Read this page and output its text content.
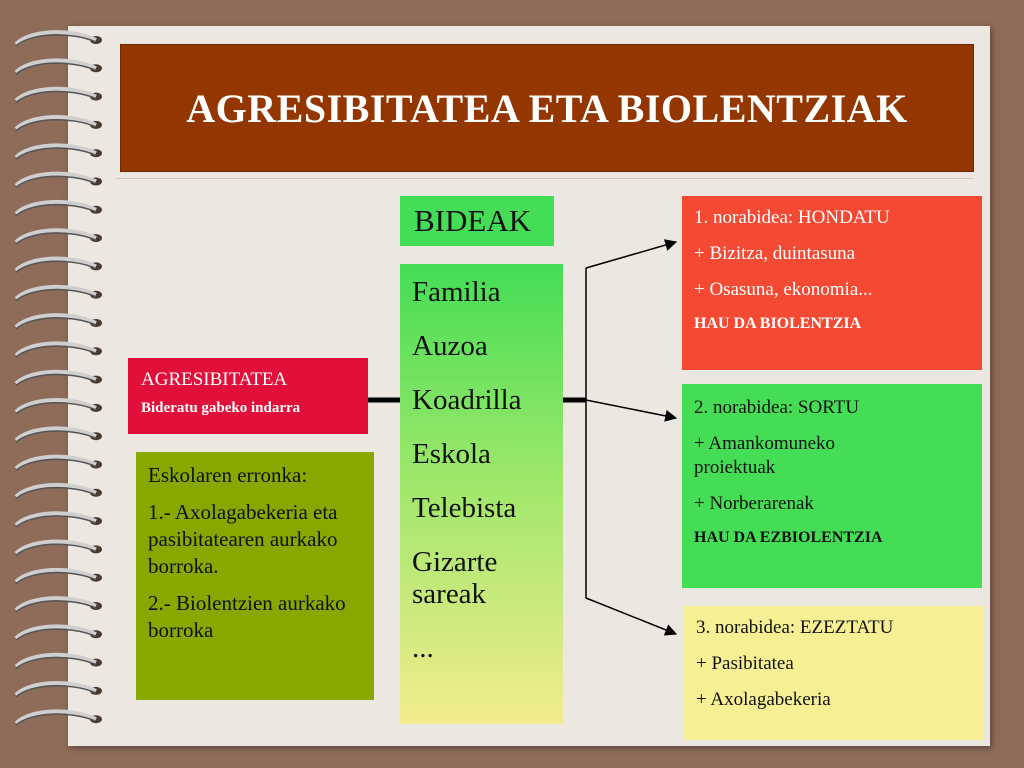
AGRESIBITATEA ETA BIOLENTZIAK
BIDEAK
Familia
Auzoa
Koadrilla
Eskola
Telebista
Gizarte sareak
...
AGRESIBITATEA
Bideratu gabeko indarra
Eskolaren erronka:
1.- Axolagabekeria eta pasibitatearen aurkako borroka.
2.- Biolentzien aurkako borroka
1. norabidea: HONDATU
+ Bizitza, duintasuna
+ Osasuna, ekonomia...
HAU DA BIOLENTZIA
2. norabidea: SORTU
+ Amankomuneko proiektuak
+ Norberarenak
HAU DA EZBIOLENTZIA
3. norabidea: EZEZTATU
+ Pasibitatea
+ Axolagabekeria
